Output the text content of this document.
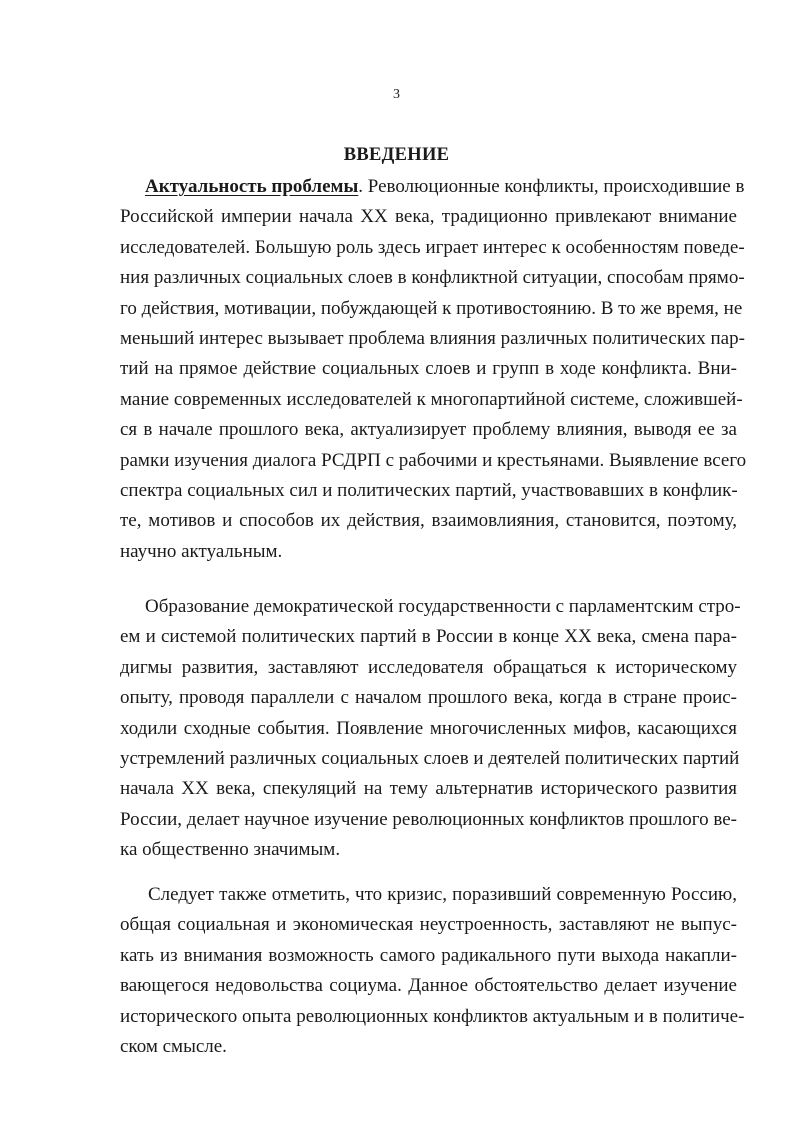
3
ВВЕДЕНИЕ
Актуальность проблемы. Революционные конфликты, происходившие в
Российской империи начала XX века, традиционно привлекают внимание
исследователей. Большую роль здесь играет интерес к особенностям поведе-
ния различных социальных слоев в конфликтной ситуации, способам прямо-
го действия, мотивации, побуждающей к противостоянию. В то же время, не
меньший интерес вызывает проблема влияния различных политических пар-
тий на прямое действие социальных слоев и групп в ходе конфликта. Вни-
мание современных исследователей к многопартийной системе, сложившей-
ся в начале прошлого века, актуализирует проблему влияния, выводя ее за
рамки изучения диалога РСДРП с рабочими и крестьянами. Выявление всего
спектра социальных сил и политических партий, участвовавших в конфлик-
те, мотивов и способов их действия, взаимовлияния, становится, поэтому,
научно актуальным.
Образование демократической государственности с парламентским стро-
ем и системой политических партий в России в конце XX века, смена пара-
дигмы развития, заставляют исследователя обращаться к историческому
опыту, проводя параллели с началом прошлого века, когда в стране проис-
ходили сходные события. Появление многочисленных мифов, касающихся
устремлений различных социальных слоев и деятелей политических партий
начала XX века, спекуляций на тему альтернатив исторического развития
России, делает научное изучение революционных конфликтов прошлого ве-
ка общественно значимым.
Следует также отметить, что кризис, поразивший современную Россию,
общая социальная и экономическая неустроенность, заставляют не выпус-
кать из внимания возможность самого радикального пути выхода накапли-
вающегося недовольства социума. Данное обстоятельство делает изучение
исторического опыта революционных конфликтов актуальным и в политиче-
ском смысле.
